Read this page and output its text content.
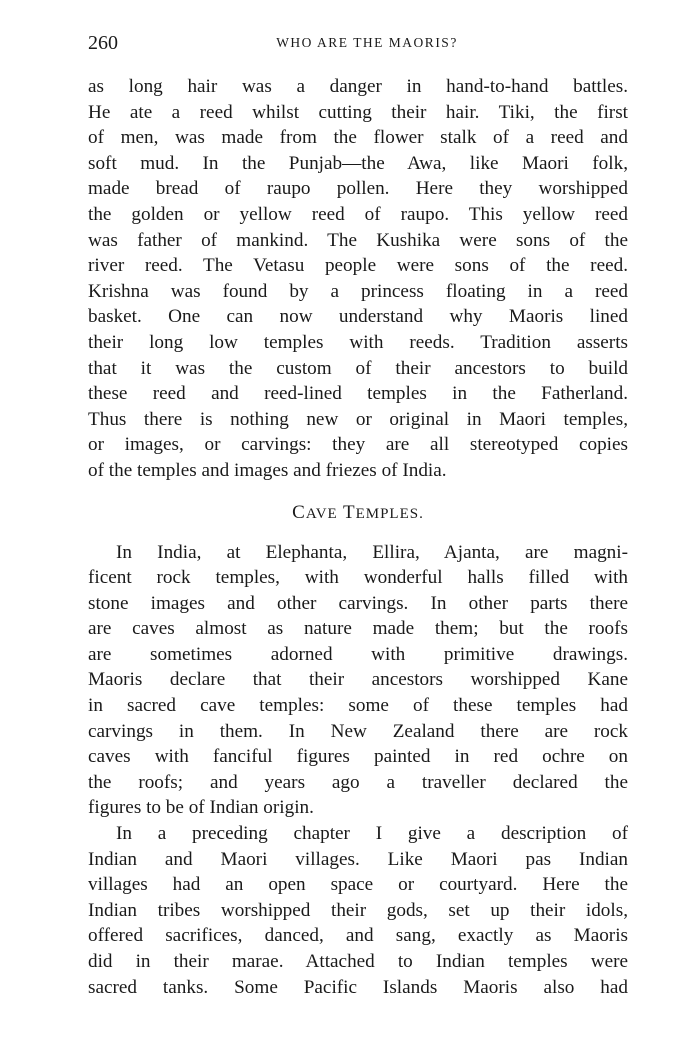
260	WHO ARE THE MAORIS?
as long hair was a danger in hand-to-hand battles.
He ate a reed whilst cutting their hair. Tiki, the first
of men, was made from the flower stalk of a reed and
soft mud. In the Punjab—the Awa, like Maori folk,
made bread of raupo pollen. Here they worshipped
the golden or yellow reed of raupo. This yellow reed
was father of mankind. The Kushika were sons of the
river reed. The Vetasu people were sons of the reed.
Krishna was found by a princess floating in a reed
basket. One can now understand why Maoris lined
their long low temples with reeds. Tradition asserts
that it was the custom of their ancestors to build
these reed and reed-lined temples in the Fatherland.
Thus there is nothing new or original in Maori temples,
or images, or carvings: they are all stereotyped copies
of the temples and images and friezes of India.
CAVE TEMPLES.
In India, at Elephanta, Ellira, Ajanta, are magni-
ficent rock temples, with wonderful halls filled with
stone images and other carvings. In other parts there
are caves almost as nature made them; but the roofs
are sometimes adorned with primitive drawings.
Maoris declare that their ancestors worshipped Kane
in sacred cave temples: some of these temples had
carvings in them. In New Zealand there are rock
caves with fanciful figures painted in red ochre on
the roofs; and years ago a traveller declared the
figures to be of Indian origin.
In a preceding chapter I give a description of
Indian and Maori villages. Like Maori pas Indian
villages had an open space or courtyard. Here the
Indian tribes worshipped their gods, set up their idols,
offered sacrifices, danced, and sang, exactly as Maoris
did in their marae. Attached to Indian temples were
sacred tanks. Some Pacific Islands Maoris also had
